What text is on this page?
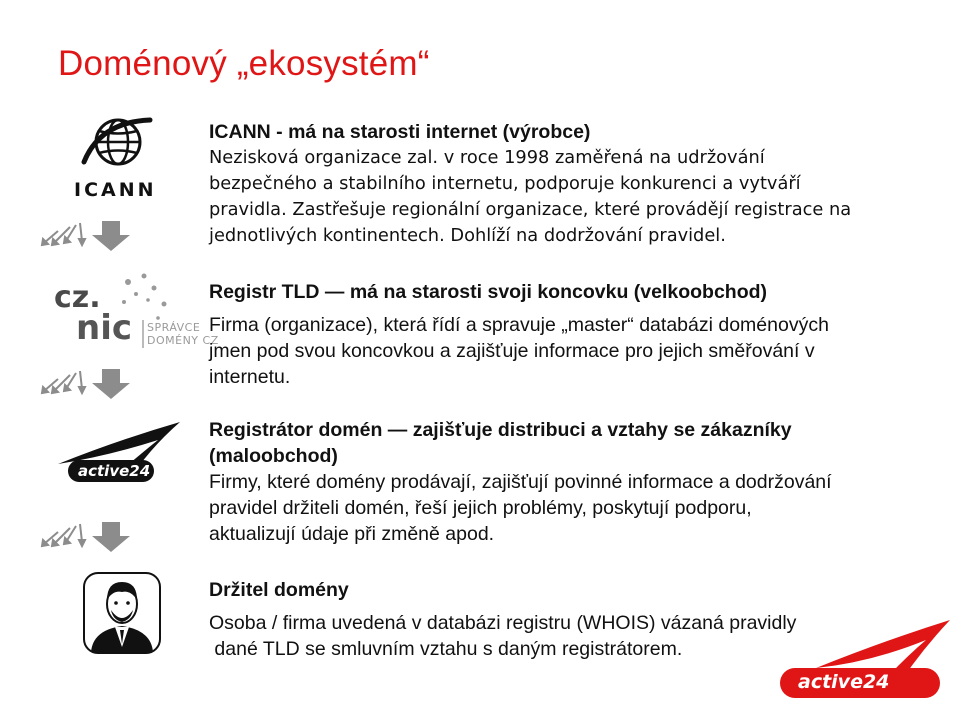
Doménový „ekosystém“
ICANN
cz.
nic SPRÁVCE
DOMÉNY CZ
active24
ICANN - má na starosti internet (výrobce)
Nezisková organizace zal. v roce 1998 zaměřená na udržování
bezpečného a stabilního internetu, podporuje konkurenci a vytváří
pravidla. Zastřešuje regionální organizace, které provádějí registrace na
jednotlivých kontinentech. Dohlíží na dodržování pravidel.
Registr TLD — má na starosti svoji koncovku (velkoobchod)
Firma (organizace), která řídí a spravuje „master“ databázi doménových
jmen pod svou koncovkou a zajišťuje informace pro jejich směřování v
internetu.
Registrátor domén — zajišťuje distribuci a vztahy se zákazníky
(maloobchod)
Firmy, které domény prodávají, zajišťují povinné informace a dodržování
pravidel držiteli domén, řeší jejich problémy, poskytují podporu,
aktualizují údaje při změně apod.
Držitel domény
Osoba / firma uvedená v databázi registru (WHOIS) vázaná pravidly
dané TLD se smluvním vztahu s daným registrátorem.
active24
